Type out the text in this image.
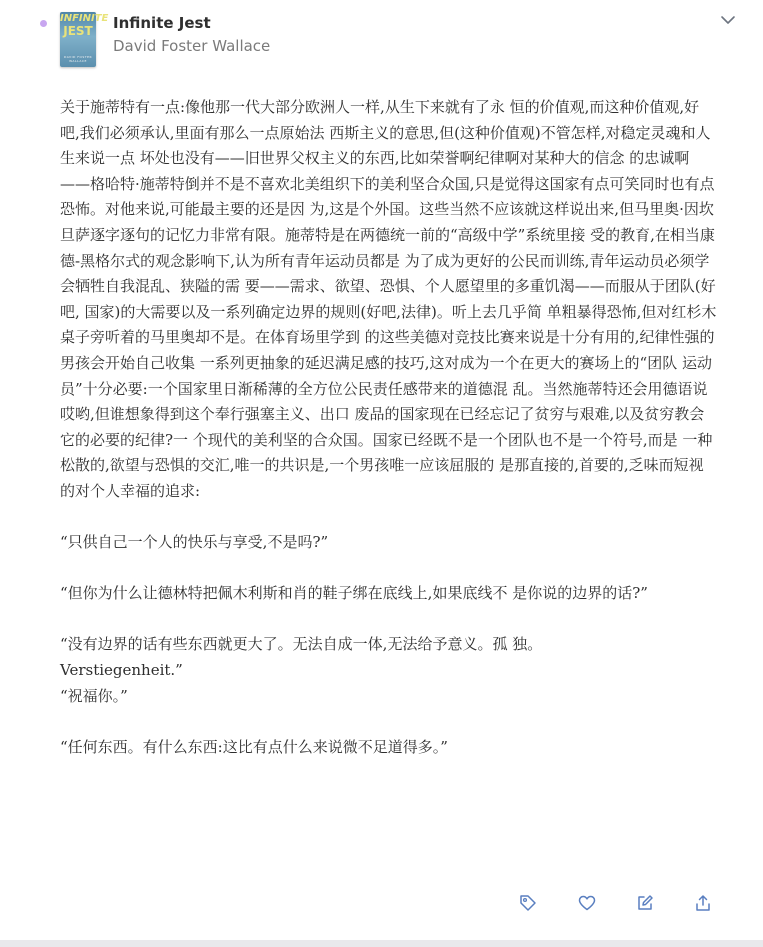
INFINITE
JEST
DAVID FOSTER WALLACE
Infinite Jest
David Foster Wallace

关于施蒂特有一点:像他那一代大部分欧洲人一样,从生下来就有了永 恒的价值观,而这种价值观,好吧,我们必须承认,里面有那么一点原始法 西斯主义的意思,但(这种价值观)不管怎样,对稳定灵魂和人生来说一点 坏处也没有——旧世界父权主义的东西,比如荣誉啊纪律啊对某种大的信念 的忠诚啊——格哈特·施蒂特倒并不是不喜欢北美组织下的美利坚合众国,只是觉得这国家有点可笑同时也有点恐怖。对他来说,可能最主要的还是因 为,这是个外国。这些当然不应该就这样说出来,但马里奥·因坎旦萨逐字逐句的记忆力非常有限。施蒂特是在两德统一前的“高级中学”系统里接 受的教育,在相当康德-黑格尔式的观念影响下,认为所有青年运动员都是 为了成为更好的公民而训练,青年运动员必须学会牺牲自我混乱、狭隘的需 要——需求、欲望、恐惧、个人愿望里的多重饥渴——而服从于团队(好吧, 国家)的大需要以及一系列确定边界的规则(好吧,法律)。听上去几乎简 单粗暴得恐怖,但对红杉木桌子旁听着的马里奥却不是。在体育场里学到 的这些美德对竞技比赛来说是十分有用的,纪律性强的男孩会开始自己收集 一系列更抽象的延迟满足感的技巧,这对成为一个在更大的赛场上的“团队 运动员”十分必要:一个国家里日渐稀薄的全方位公民责任感带来的道德混 乱。当然施蒂特还会用德语说哎哟,但谁想象得到这个奉行强塞主义、出口 废品的国家现在已经忘记了贫穷与艰难,以及贫穷教会它的必要的纪律?一 个现代的美利坚的合众国。国家已经既不是一个团队也不是一个符号,而是 一种松散的,欲望与恐惧的交汇,唯一的共识是,一个男孩唯一应该屈服的 是那直接的,首要的,乏味而短视的对个人幸福的追求:

“只供自己一个人的快乐与享受,不是吗?”

“但你为什么让德林特把佩木利斯和肖的鞋子绑在底线上,如果底线不 是你说的边界的话?”

“没有边界的话有些东西就更大了。无法自成一体,无法给予意义。孤 独。

Verstiegenheit.”

“祝福你。”

“任何东西。有什么东西:这比有点什么来说微不足道得多。”
